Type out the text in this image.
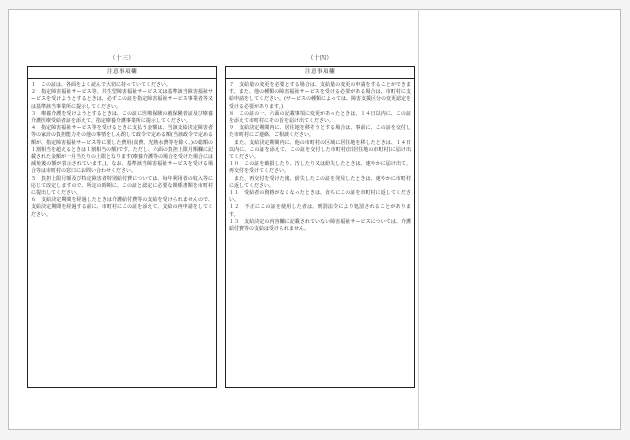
（十三）
注意事項欄

１　この証は、各面をよく読んで大切に持っていてください。

２　指定障害福祉サービス等、共生型障害福祉サービス又は基準該当障害福祉サービスを受けようとするときは、必ずこの証を指定障害福祉サービス事業者等又は基準該当事業所に提示してください。

３　療養介護を受けようとするときは、この証に医療保険の被保険者証及び療養介護医療受給者証を添えて、指定療養介護事業所に提示してください。

４　指定障害福祉サービス等を受けるときに支払う金額は、当該支給決定障害者等の家計の負担能力その他の事情をしん酌して政令で定める額(当該政令で定める額が、指定障害福祉サービス等に要した費用(食費、光熱水費等を除く。)の総額の１割相当を超えるときは１割相当の額)です。ただし、六面の負担上限月額欄に記載された金額が一月当たりの上限となります(療養介護等の場合を受けた場合には減免後の額が表示されています。)。なお、基準該当障害福祉サービスを受ける場合等は市町村の窓口にお問い合わせください。

５　負担上限月額及び特定障害者特別給付費については、毎年利用者の収入等に応じて改定しますので、所定の時期に、この証と認定に必要な関係書類を市町村に提出してください。

６　支給決定期間を経過したときは介護給付費等の支給を受けられませんので、支給決定期間を経過する前に、市町村にこの証を添えて、支給の再申請をしてください。

（十四）
注意事項欄

７　支給量の変更を必要とする場合は、支給量の変更の申請をすることができます。また、他の種類の障害福祉サービスを受ける必要がある場合は、市町村に支給申請をしてください。(サービスの種類によっては、障害支援区分の変更認定を受ける必要があります。)

８　この証の一、六面の記載事項に変更があったときは、１４日以内に、この証を添えて市町村にその旨を届け出てください。

９　支給決定期間内に、居住地を移そうとする場合は、事前に、この証を交付した市町村にご連絡、ご相談ください。

　また、支給決定期間内に、他の市町村の区域に居住地を移したときは、１４日以内に、この証を添えて、この証を交付した市町村(旧居住地の市町村)に届け出てください。

１０　この証を破損したり、汚したり又は紛失したときは、速やかに届け出て、再交付を受けてください。

　また、再交付を受けた後、紛失したこの証を発見したときは、速やかに市町村に返してください。

１１　受給者の資格がなくなったときは、直ちにこの証を市町村に返してください。

１２　不正にこの証を使用した者は、刑罰法令により処罰されることがあります。

１３　支給決定の内容欄に記載されていない障害福祉サービスについては、介護給付費等の支給は受けられません。
